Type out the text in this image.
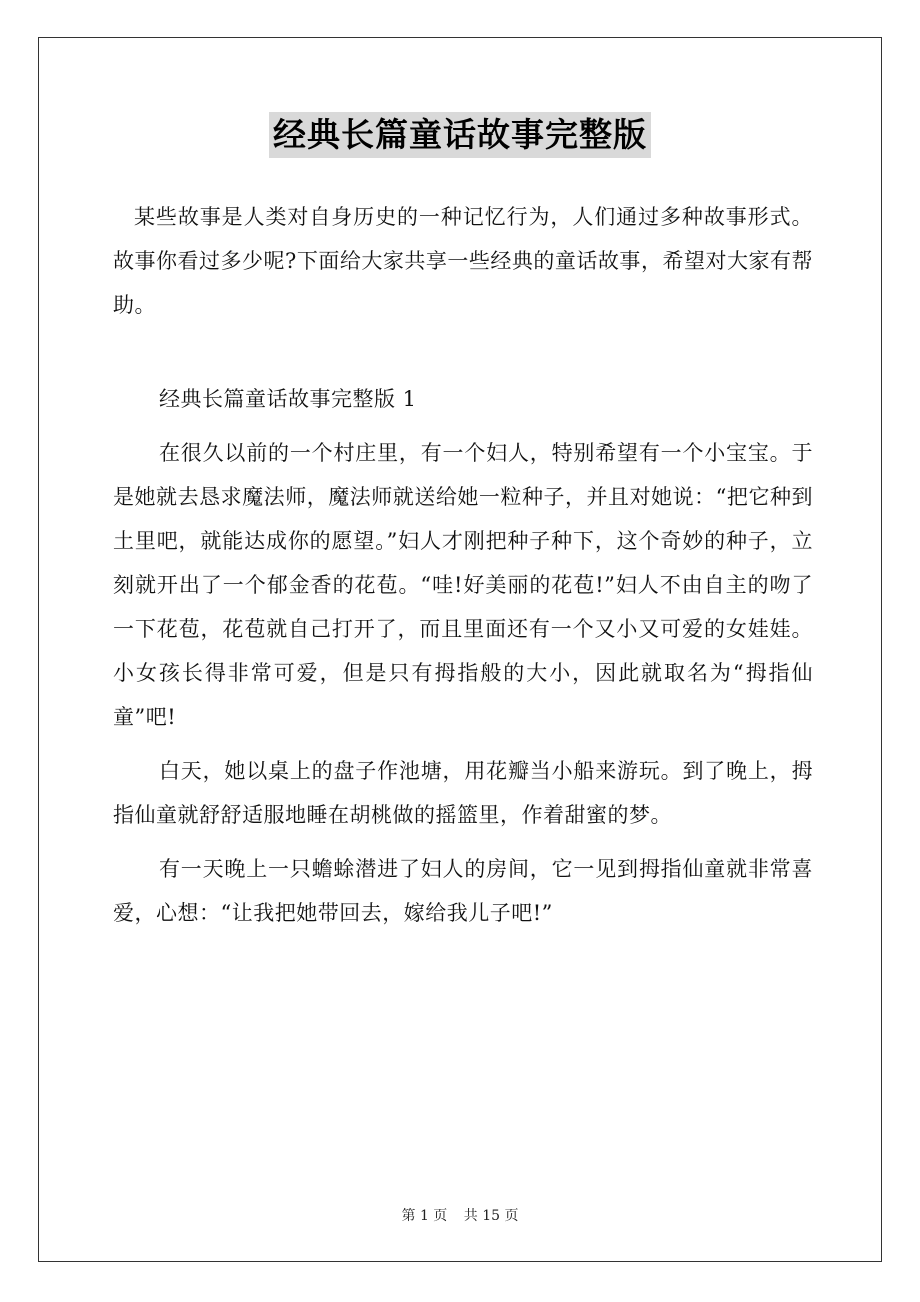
经典长篇童话故事完整版

某些故事是人类对自身历史的一种记忆行为，人们通过多种故事形式。故事你看过多少呢?下面给大家共享一些经典的童话故事，希望对大家有帮助。

经典长篇童话故事完整版 1

在很久以前的一个村庄里，有一个妇人，特别希望有一个小宝宝。于是她就去恳求魔法师，魔法师就送给她一粒种子，并且对她说：“把它种到土里吧，就能达成你的愿望。”妇人才刚把种子种下，这个奇妙的种子，立刻就开出了一个郁金香的花苞。“哇!好美丽的花苞!”妇人不由自主的吻了一下花苞，花苞就自己打开了，而且里面还有一个又小又可爱的女娃娃。小女孩长得非常可爱，但是只有拇指般的大小，因此就取名为“拇指仙童”吧!

白天，她以桌上的盘子作池塘，用花瓣当小船来游玩。到了晚上，拇指仙童就舒舒适服地睡在胡桃做的摇篮里，作着甜蜜的梦。

有一天晚上一只蟾蜍潜进了妇人的房间，它一见到拇指仙童就非常喜爱，心想：“让我把她带回去，嫁给我儿子吧!”

第 1 页 共 15 页
